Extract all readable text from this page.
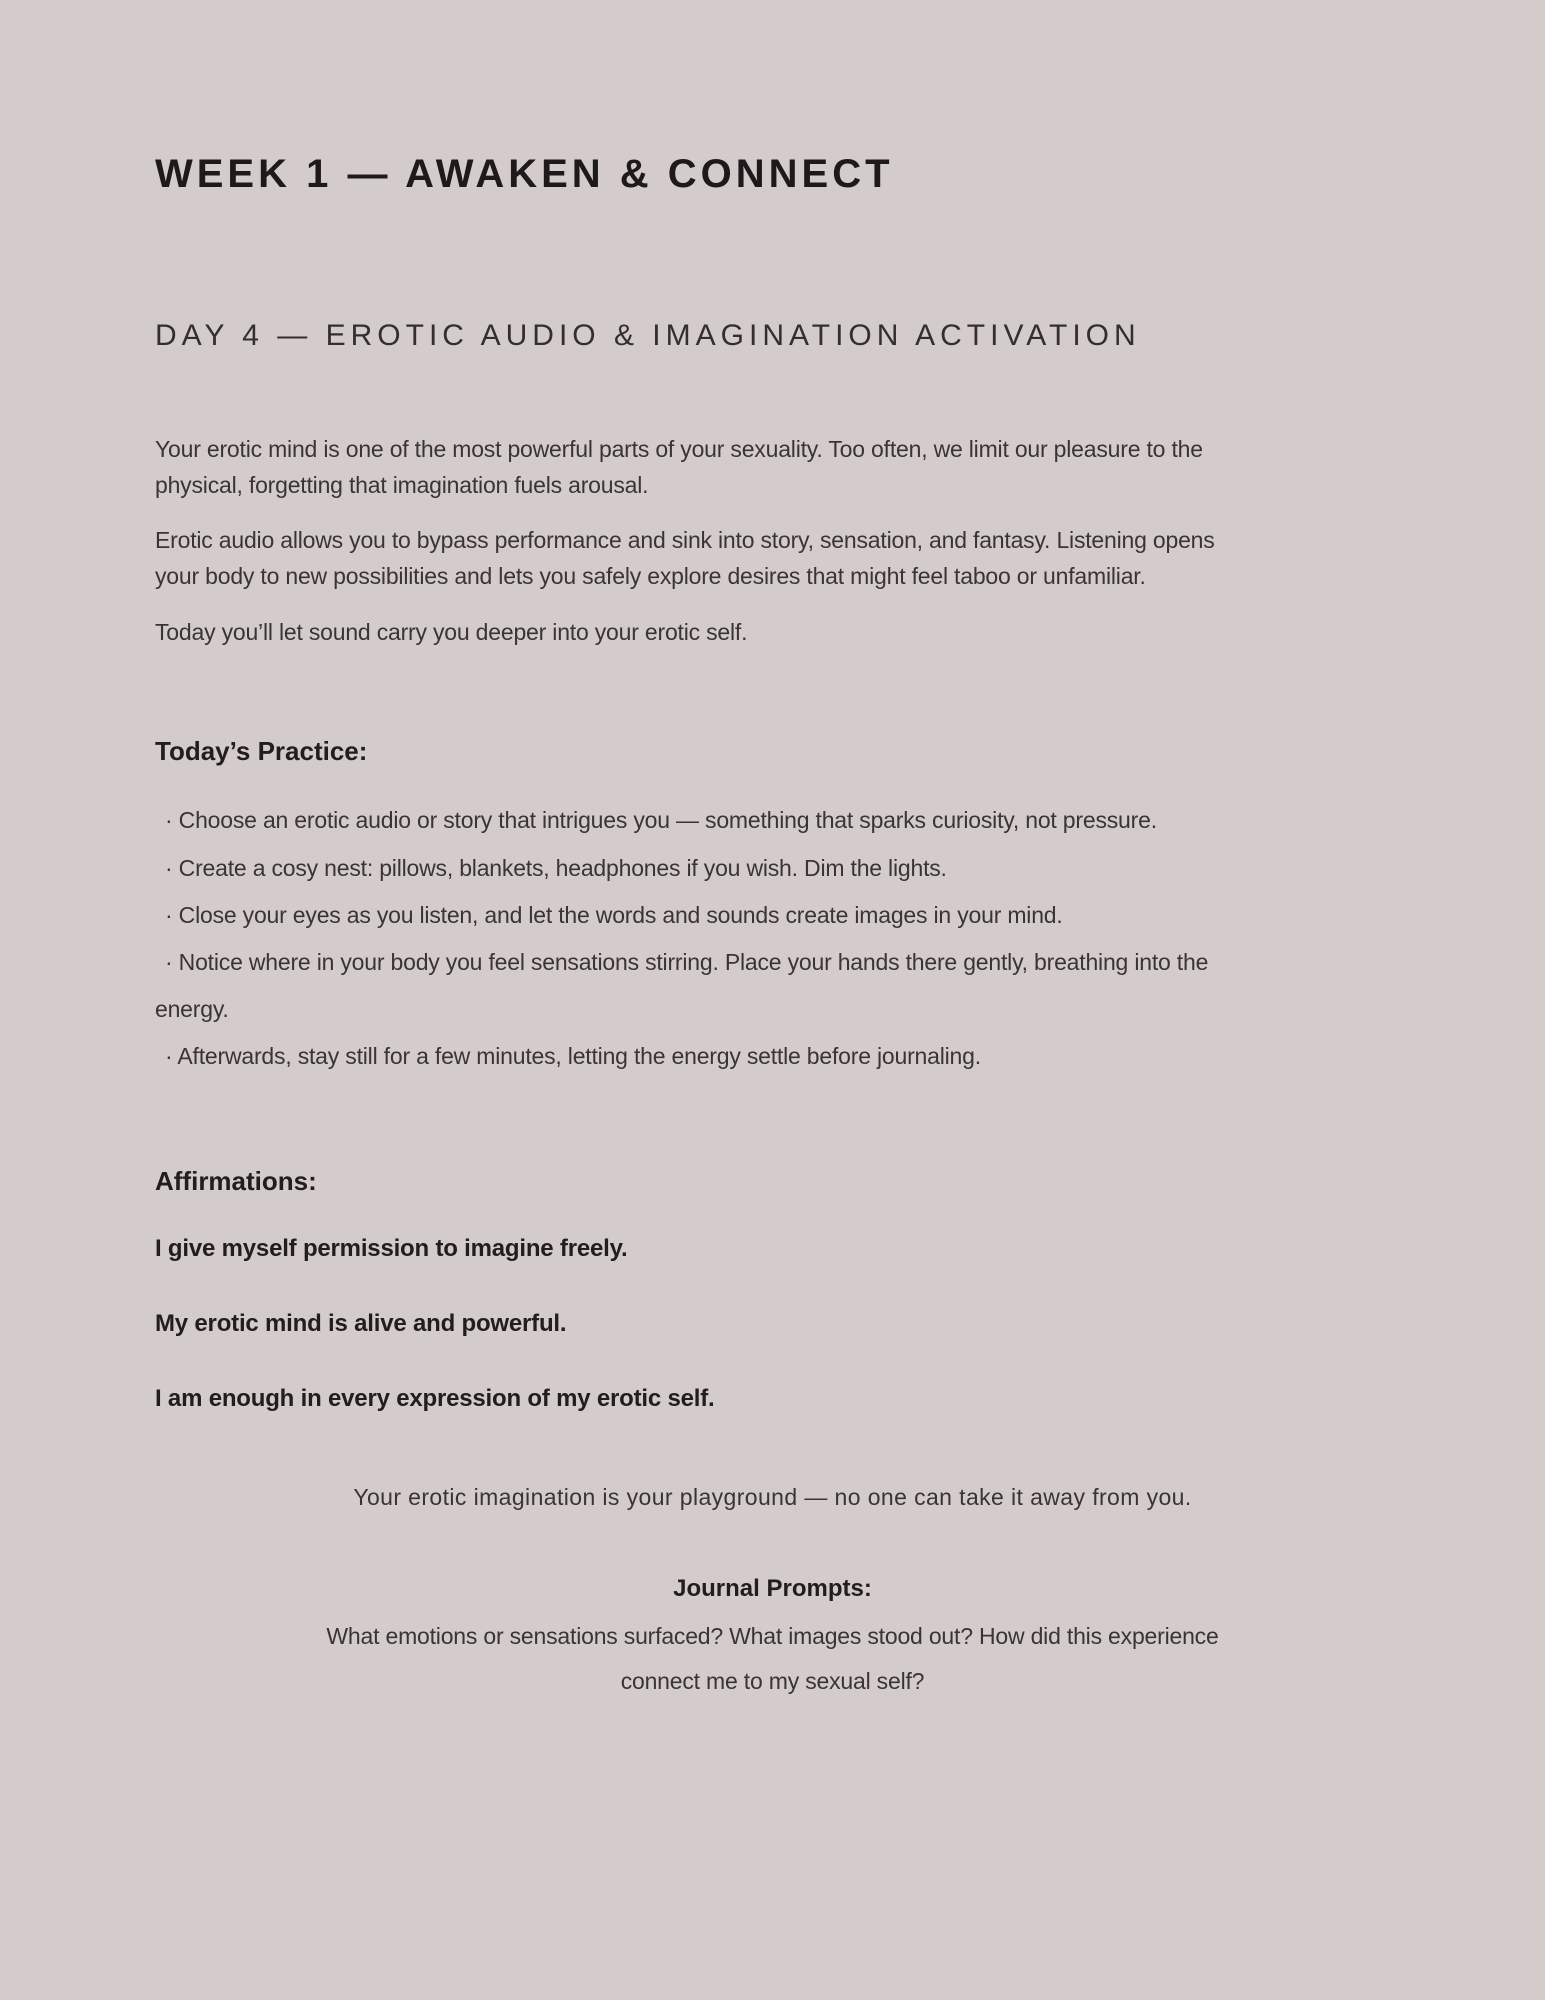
WEEK 1 — AWAKEN & CONNECT
DAY 4 — EROTIC AUDIO & IMAGINATION ACTIVATION

Your erotic mind is one of the most powerful parts of your sexuality. Too often, we limit our pleasure to the physical, forgetting that imagination fuels arousal.

Erotic audio allows you to bypass performance and sink into story, sensation, and fantasy. Listening opens your body to new possibilities and lets you safely explore desires that might feel taboo or unfamiliar.

Today you’ll let sound carry you deeper into your erotic self.

Today’s Practice:
· Choose an erotic audio or story that intrigues you — something that sparks curiosity, not pressure.
· Create a cosy nest: pillows, blankets, headphones if you wish. Dim the lights.
· Close your eyes as you listen, and let the words and sounds create images in your mind.
· Notice where in your body you feel sensations stirring. Place your hands there gently, breathing into the energy.
· Afterwards, stay still for a few minutes, letting the energy settle before journaling.
Affirmations:

I give myself permission to imagine freely.

My erotic mind is alive and powerful.

I am enough in every expression of my erotic self.

Your erotic imagination is your playground — no one can take it away from you.

Journal Prompts:

What emotions or sensations surfaced? What images stood out? How did this experience connect me to my sexual self?
